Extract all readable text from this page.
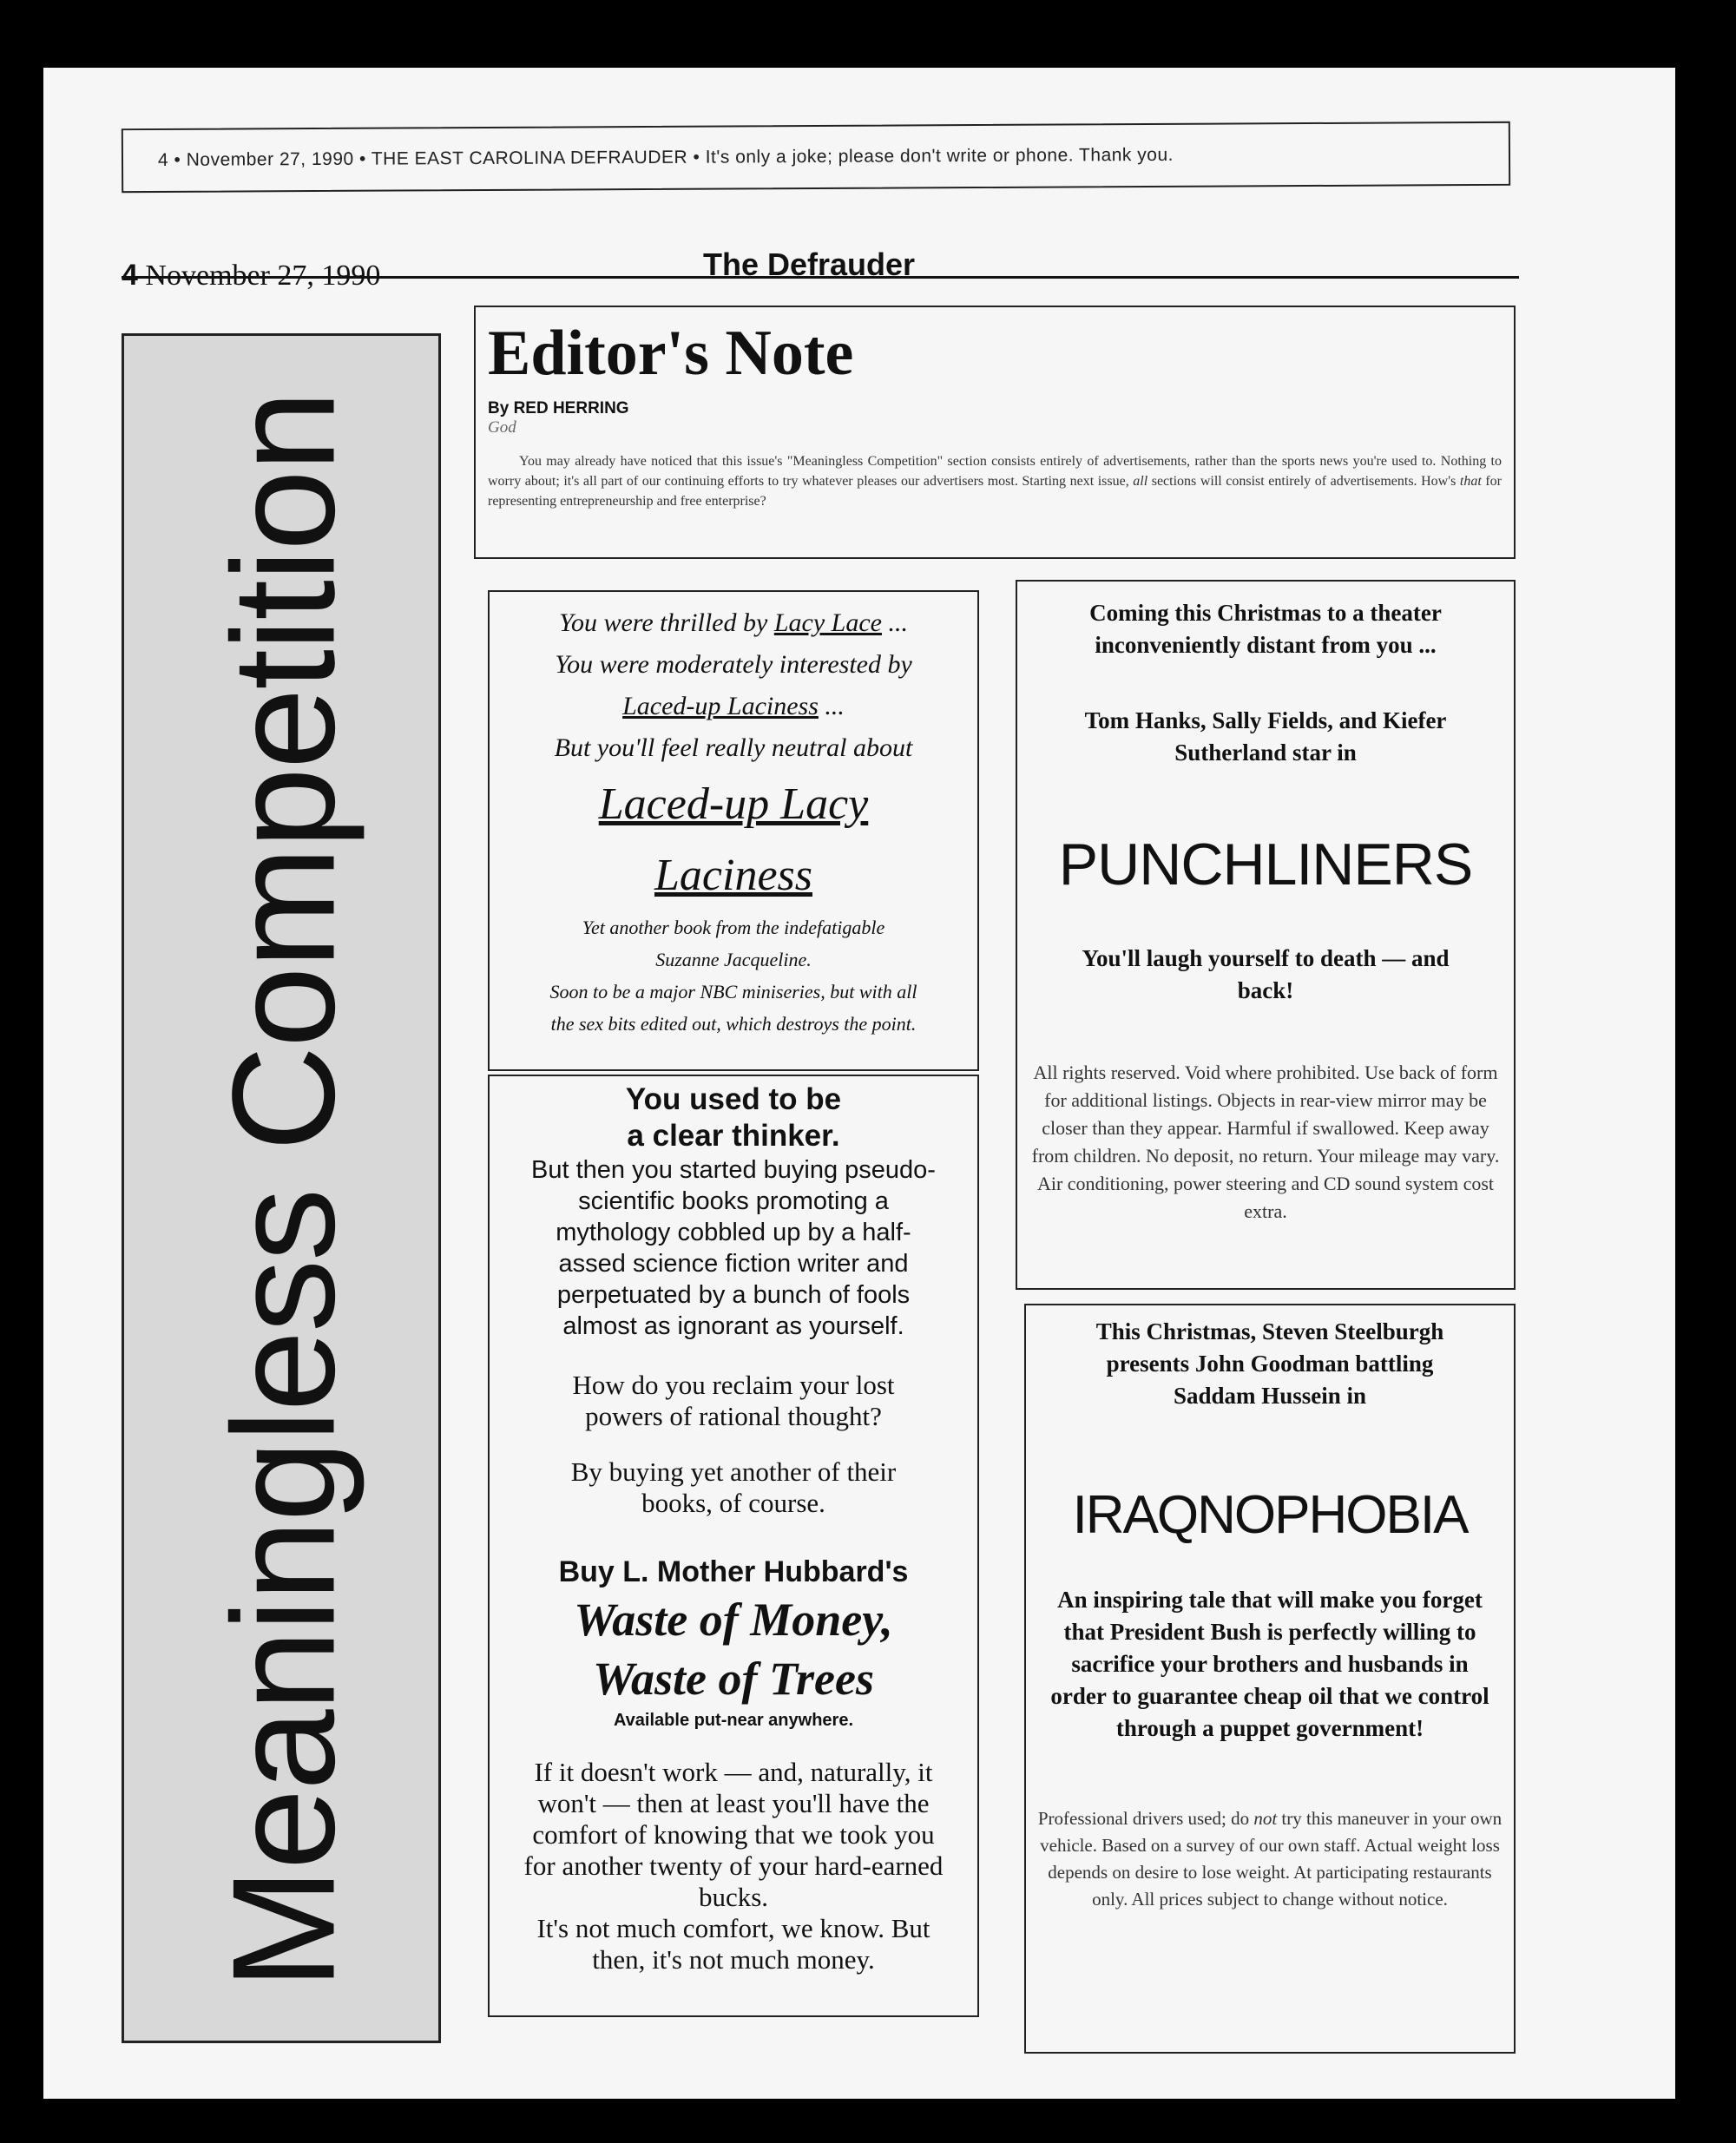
4 • November 27, 1990 • THE EAST CAROLINA DEFRAUDER • It's only a joke; please don't write or phone. Thank you.
4 November 27, 1990	The Defrauder
Meaningless Competition
Editor's Note
By RED HERRING
God
You may already have noticed that this issue's "Meaningless Competition" section consists entirely of advertisements, rather than the sports news you're used to. Nothing to worry about; it's all part of our continuing efforts to try whatever pleases our advertisers most. Starting next issue, all sections will consist entirely of advertisements. How's that for representing entrepreneurship and free enterprise?
You were thrilled by Lacy Lace ...
You were moderately interested by
Laced-up Laciness ...
But you'll feel really neutral about
Laced-up Lacy
Laciness
Yet another book from the indefatigable
Suzanne Jacqueline.
Soon to be a major NBC miniseries, but with all
the sex bits edited out, which destroys the point.
You used to be
a clear thinker.
But then you started buying pseudo-scientific books promoting a mythology cobbled up by a half-assed science fiction writer and perpetuated by a bunch of fools almost as ignorant as yourself.
How do you reclaim your lost powers of rational thought?
By buying yet another of their books, of course.
Buy L. Mother Hubbard's
Waste of Money,
Waste of Trees
Available put-near anywhere.
If it doesn't work — and, naturally, it won't — then at least you'll have the comfort of knowing that we took you for another twenty of your hard-earned bucks.
It's not much comfort, we know. But then, it's not much money.
Coming this Christmas to a theater inconveniently distant from you ...
Tom Hanks, Sally Fields, and Kiefer Sutherland star in
PUNCHLINERS
You'll laugh yourself to death — and back!
All rights reserved. Void where prohibited. Use back of form for additional listings. Objects in rear-view mirror may be closer than they appear. Harmful if swallowed. Keep away from children. No deposit, no return. Your mileage may vary. Air conditioning, power steering and CD sound system cost extra.
This Christmas, Steven Steelburgh presents John Goodman battling Saddam Hussein in
IRAQNOPHOBIA
An inspiring tale that will make you forget that President Bush is perfectly willing to sacrifice your brothers and husbands in order to guarantee cheap oil that we control through a puppet government!
Professional drivers used; do not try this maneuver in your own vehicle. Based on a survey of our own staff. Actual weight loss depends on desire to lose weight. At participating restaurants only. All prices subject to change without notice.
